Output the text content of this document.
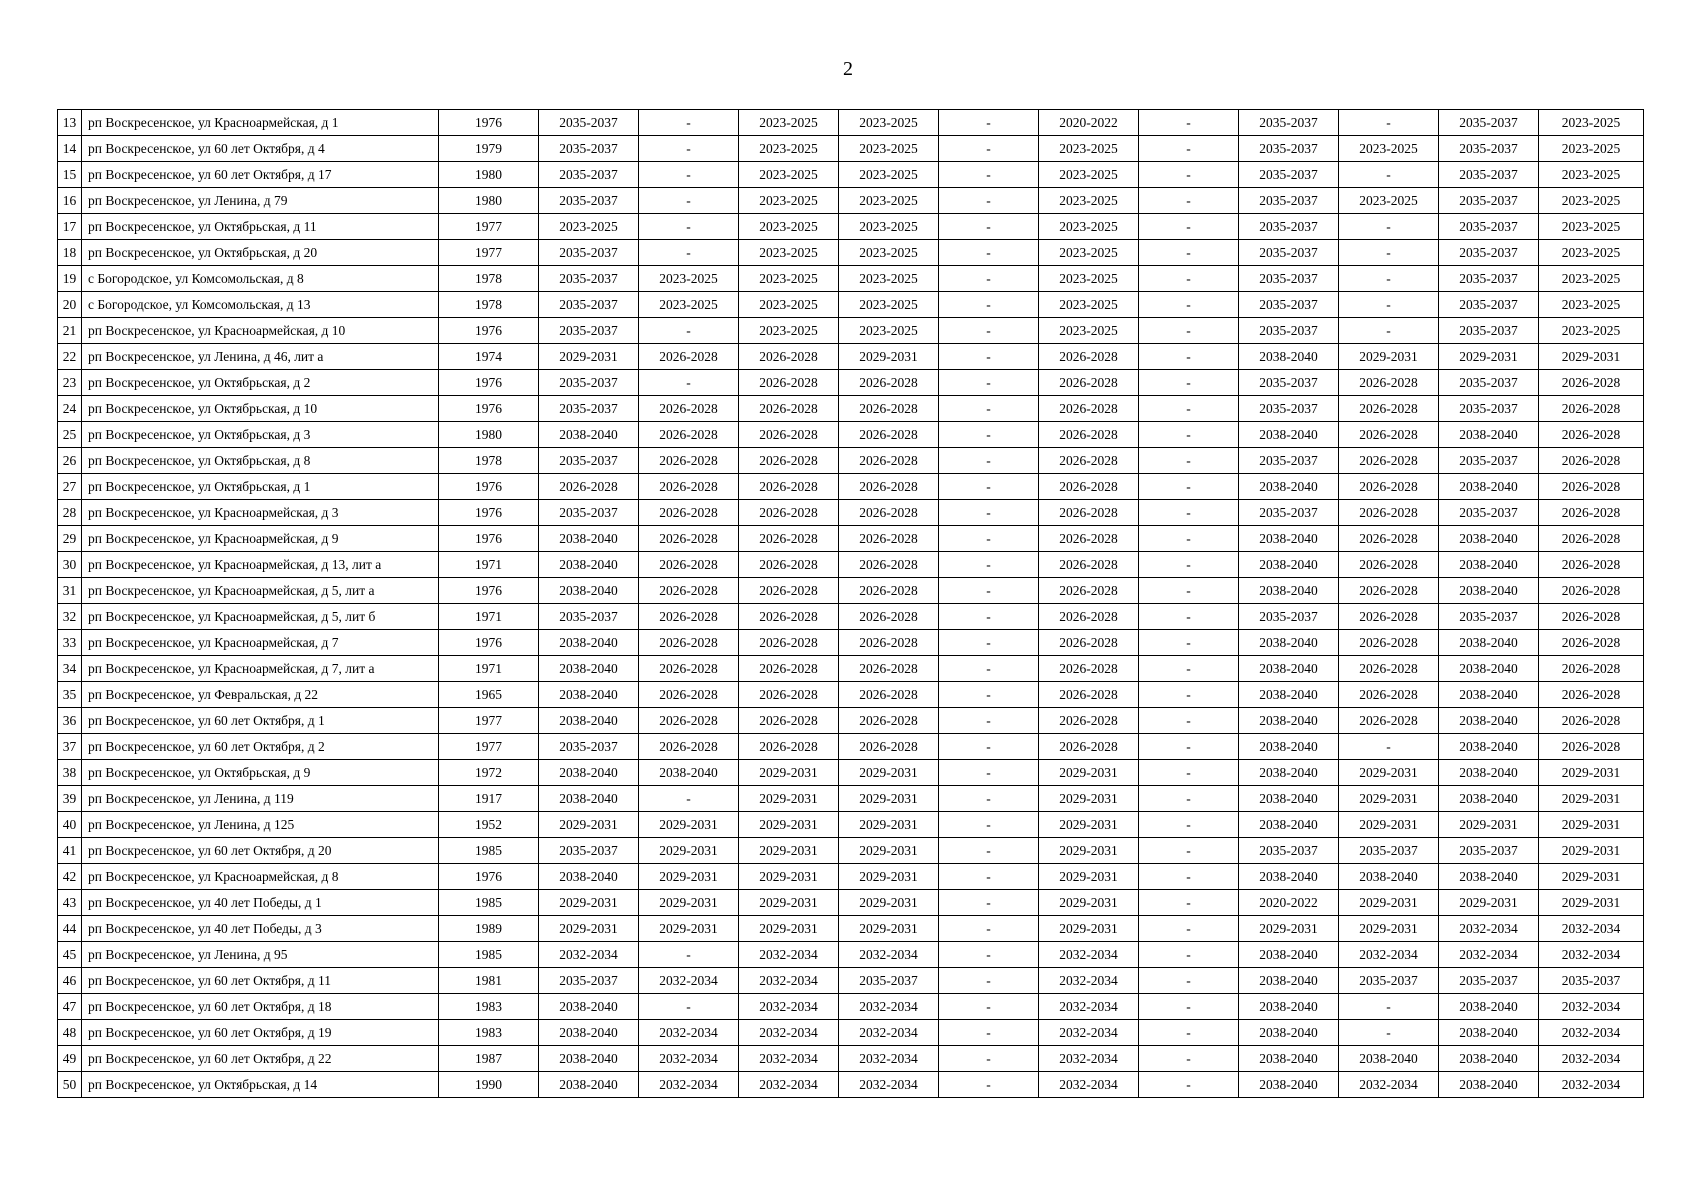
2
13	рп Воскресенское, ул Красноармейская, д 1	1976	2035-2037	-	2023-2025	2023-2025	-	2020-2022	-	2035-2037	-	2035-2037	2023-2025
14	рп Воскресенское, ул 60 лет Октября, д 4	1979	2035-2037	-	2023-2025	2023-2025	-	2023-2025	-	2035-2037	2023-2025	2035-2037	2023-2025
15	рп Воскресенское, ул 60 лет Октября, д 17	1980	2035-2037	-	2023-2025	2023-2025	-	2023-2025	-	2035-2037	-	2035-2037	2023-2025
16	рп Воскресенское, ул Ленина, д 79	1980	2035-2037	-	2023-2025	2023-2025	-	2023-2025	-	2035-2037	2023-2025	2035-2037	2023-2025
17	рп Воскресенское, ул Октябрьская, д 11	1977	2023-2025	-	2023-2025	2023-2025	-	2023-2025	-	2035-2037	-	2035-2037	2023-2025
18	рп Воскресенское, ул Октябрьская, д 20	1977	2035-2037	-	2023-2025	2023-2025	-	2023-2025	-	2035-2037	-	2035-2037	2023-2025
19	с Богородское, ул Комсомольская, д 8	1978	2035-2037	2023-2025	2023-2025	2023-2025	-	2023-2025	-	2035-2037	-	2035-2037	2023-2025
20	с Богородское, ул Комсомольская, д 13	1978	2035-2037	2023-2025	2023-2025	2023-2025	-	2023-2025	-	2035-2037	-	2035-2037	2023-2025
21	рп Воскресенское, ул Красноармейская, д 10	1976	2035-2037	-	2023-2025	2023-2025	-	2023-2025	-	2035-2037	-	2035-2037	2023-2025
22	рп Воскресенское, ул Ленина, д 46, лит а	1974	2029-2031	2026-2028	2026-2028	2029-2031	-	2026-2028	-	2038-2040	2029-2031	2029-2031	2029-2031
23	рп Воскресенское, ул Октябрьская, д 2	1976	2035-2037	-	2026-2028	2026-2028	-	2026-2028	-	2035-2037	2026-2028	2035-2037	2026-2028
24	рп Воскресенское, ул Октябрьская, д 10	1976	2035-2037	2026-2028	2026-2028	2026-2028	-	2026-2028	-	2035-2037	2026-2028	2035-2037	2026-2028
25	рп Воскресенское, ул Октябрьская, д 3	1980	2038-2040	2026-2028	2026-2028	2026-2028	-	2026-2028	-	2038-2040	2026-2028	2038-2040	2026-2028
26	рп Воскресенское, ул Октябрьская, д 8	1978	2035-2037	2026-2028	2026-2028	2026-2028	-	2026-2028	-	2035-2037	2026-2028	2035-2037	2026-2028
27	рп Воскресенское, ул Октябрьская, д 1	1976	2026-2028	2026-2028	2026-2028	2026-2028	-	2026-2028	-	2038-2040	2026-2028	2038-2040	2026-2028
28	рп Воскресенское, ул Красноармейская, д 3	1976	2035-2037	2026-2028	2026-2028	2026-2028	-	2026-2028	-	2035-2037	2026-2028	2035-2037	2026-2028
29	рп Воскресенское, ул Красноармейская, д 9	1976	2038-2040	2026-2028	2026-2028	2026-2028	-	2026-2028	-	2038-2040	2026-2028	2038-2040	2026-2028
30	рп Воскресенское, ул Красноармейская, д 13, лит а	1971	2038-2040	2026-2028	2026-2028	2026-2028	-	2026-2028	-	2038-2040	2026-2028	2038-2040	2026-2028
31	рп Воскресенское, ул Красноармейская, д 5, лит а	1976	2038-2040	2026-2028	2026-2028	2026-2028	-	2026-2028	-	2038-2040	2026-2028	2038-2040	2026-2028
32	рп Воскресенское, ул Красноармейская, д 5, лит б	1971	2035-2037	2026-2028	2026-2028	2026-2028	-	2026-2028	-	2035-2037	2026-2028	2035-2037	2026-2028
33	рп Воскресенское, ул Красноармейская, д 7	1976	2038-2040	2026-2028	2026-2028	2026-2028	-	2026-2028	-	2038-2040	2026-2028	2038-2040	2026-2028
34	рп Воскресенское, ул Красноармейская, д 7, лит а	1971	2038-2040	2026-2028	2026-2028	2026-2028	-	2026-2028	-	2038-2040	2026-2028	2038-2040	2026-2028
35	рп Воскресенское, ул Февральская, д 22	1965	2038-2040	2026-2028	2026-2028	2026-2028	-	2026-2028	-	2038-2040	2026-2028	2038-2040	2026-2028
36	рп Воскресенское, ул 60 лет Октября, д 1	1977	2038-2040	2026-2028	2026-2028	2026-2028	-	2026-2028	-	2038-2040	2026-2028	2038-2040	2026-2028
37	рп Воскресенское, ул 60 лет Октября, д 2	1977	2035-2037	2026-2028	2026-2028	2026-2028	-	2026-2028	-	2038-2040	-	2038-2040	2026-2028
38	рп Воскресенское, ул Октябрьская, д 9	1972	2038-2040	2038-2040	2029-2031	2029-2031	-	2029-2031	-	2038-2040	2029-2031	2038-2040	2029-2031
39	рп Воскресенское, ул Ленина, д 119	1917	2038-2040	-	2029-2031	2029-2031	-	2029-2031	-	2038-2040	2029-2031	2038-2040	2029-2031
40	рп Воскресенское, ул Ленина, д 125	1952	2029-2031	2029-2031	2029-2031	2029-2031	-	2029-2031	-	2038-2040	2029-2031	2029-2031	2029-2031
41	рп Воскресенское, ул 60 лет Октября, д 20	1985	2035-2037	2029-2031	2029-2031	2029-2031	-	2029-2031	-	2035-2037	2035-2037	2035-2037	2029-2031
42	рп Воскресенское, ул Красноармейская, д 8	1976	2038-2040	2029-2031	2029-2031	2029-2031	-	2029-2031	-	2038-2040	2038-2040	2038-2040	2029-2031
43	рп Воскресенское, ул 40 лет Победы, д 1	1985	2029-2031	2029-2031	2029-2031	2029-2031	-	2029-2031	-	2020-2022	2029-2031	2029-2031	2029-2031
44	рп Воскресенское, ул 40 лет Победы, д 3	1989	2029-2031	2029-2031	2029-2031	2029-2031	-	2029-2031	-	2029-2031	2029-2031	2032-2034	2032-2034
45	рп Воскресенское, ул Ленина, д 95	1985	2032-2034	-	2032-2034	2032-2034	-	2032-2034	-	2038-2040	2032-2034	2032-2034	2032-2034
46	рп Воскресенское, ул 60 лет Октября, д 11	1981	2035-2037	2032-2034	2032-2034	2035-2037	-	2032-2034	-	2038-2040	2035-2037	2035-2037	2035-2037
47	рп Воскресенское, ул 60 лет Октября, д 18	1983	2038-2040	-	2032-2034	2032-2034	-	2032-2034	-	2038-2040	-	2038-2040	2032-2034
48	рп Воскресенское, ул 60 лет Октября, д 19	1983	2038-2040	2032-2034	2032-2034	2032-2034	-	2032-2034	-	2038-2040	-	2038-2040	2032-2034
49	рп Воскресенское, ул 60 лет Октября, д 22	1987	2038-2040	2032-2034	2032-2034	2032-2034	-	2032-2034	-	2038-2040	2038-2040	2038-2040	2032-2034
50	рп Воскресенское, ул Октябрьская, д 14	1990	2038-2040	2032-2034	2032-2034	2032-2034	-	2032-2034	-	2038-2040	2032-2034	2038-2040	2032-2034
